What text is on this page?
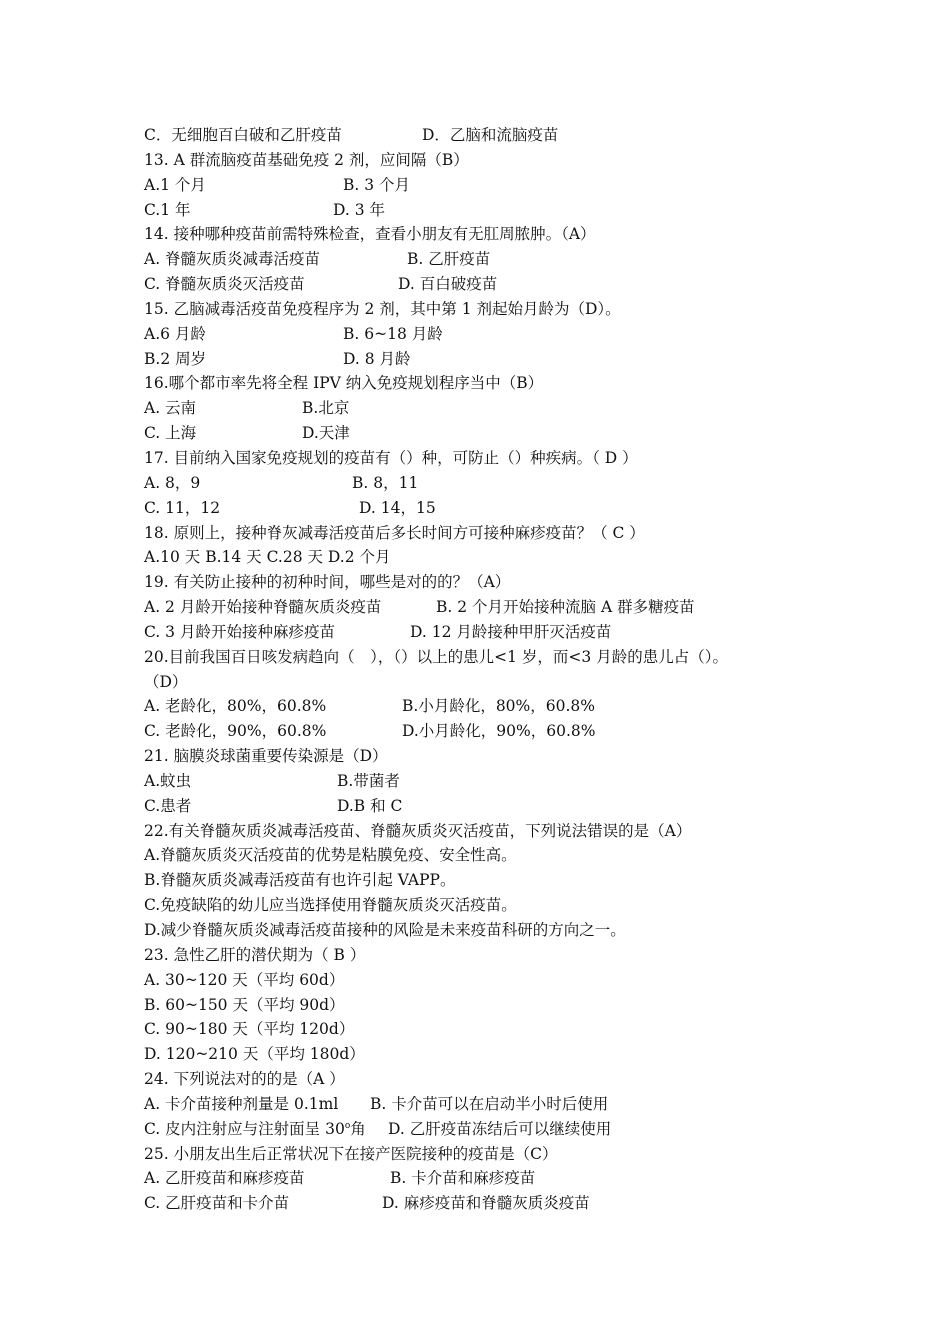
C．无细胞百白破和乙肝疫苗	D．乙脑和流脑疫苗
13. A 群流脑疫苗基础免疫 2 剂，应间隔（B）
A.1 个月	B. 3 个月
C.1 年	D. 3 年
14. 接种哪种疫苗前需特殊检查，查看小朋友有无肛周脓肿。（A）
A. 脊髓灰质炎减毒活疫苗	B. 乙肝疫苗
C. 脊髓灰质炎灭活疫苗	D. 百白破疫苗
15. 乙脑减毒活疫苗免疫程序为 2 剂，其中第 1 剂起始月龄为（D）。
A.6 月龄	B. 6~18 月龄
B.2 周岁	D. 8 月龄
16.哪个都市率先将全程 IPV 纳入免疫规划程序当中（B）
A. 云南	B.北京
C. 上海	D.天津
17. 目前纳入国家免疫规划的疫苗有（）种，可防止（）种疾病。（ D ）
A. 8，9	B. 8，11
C. 11，12	D. 14，15
18. 原则上，接种脊灰减毒活疫苗后多长时间方可接种麻疹疫苗？（ C ）
A.10 天 B.14 天 C.28 天 D.2 个月
19. 有关防止接种的初种时间，哪些是对的的？（A）
A. 2 月龄开始接种脊髓灰质炎疫苗	B. 2 个月开始接种流脑 A 群多糖疫苗
C. 3 月龄开始接种麻疹疫苗	D. 12 月龄接种甲肝灭活疫苗
20.目前我国百日咳发病趋向（　），（）以上的患儿<1 岁，而<3 月龄的患儿占（）。
（D）
A. 老龄化，80%，60.8%	B.小月龄化，80%，60.8%
C. 老龄化，90%，60.8%	D.小月龄化，90%，60.8%
21. 脑膜炎球菌重要传染源是（D）
A.蚊虫	B.带菌者
C.患者	D.B 和 C
22.有关脊髓灰质炎减毒活疫苗、脊髓灰质炎灭活疫苗，下列说法错误的是（A）
A.脊髓灰质炎灭活疫苗的优势是粘膜免疫、安全性高。
B.脊髓灰质炎减毒活疫苗有也许引起 VAPP。
C.免疫缺陷的幼儿应当选择使用脊髓灰质炎灭活疫苗。
D.减少脊髓灰质炎减毒活疫苗接种的风险是未来疫苗科研的方向之一。
23. 急性乙肝的潜伏期为（ B ）
A. 30~120 天（平均 60d）
B. 60~150 天（平均 90d）
C. 90~180 天（平均 120d）
D. 120~210 天（平均 180d）
24. 下列说法对的的是（A ）
A. 卡介苗接种剂量是 0.1ml B. 卡介苗可以在启动半小时后使用
C. 皮内注射应与注射面呈 30$^o$角 D. 乙肝疫苗冻结后可以继续使用
25. 小朋友出生后正常状况下在接产医院接种的疫苗是（C）
A. 乙肝疫苗和麻疹疫苗	B. 卡介苗和麻疹疫苗
C. 乙肝疫苗和卡介苗	D. 麻疹疫苗和脊髓灰质炎疫苗
